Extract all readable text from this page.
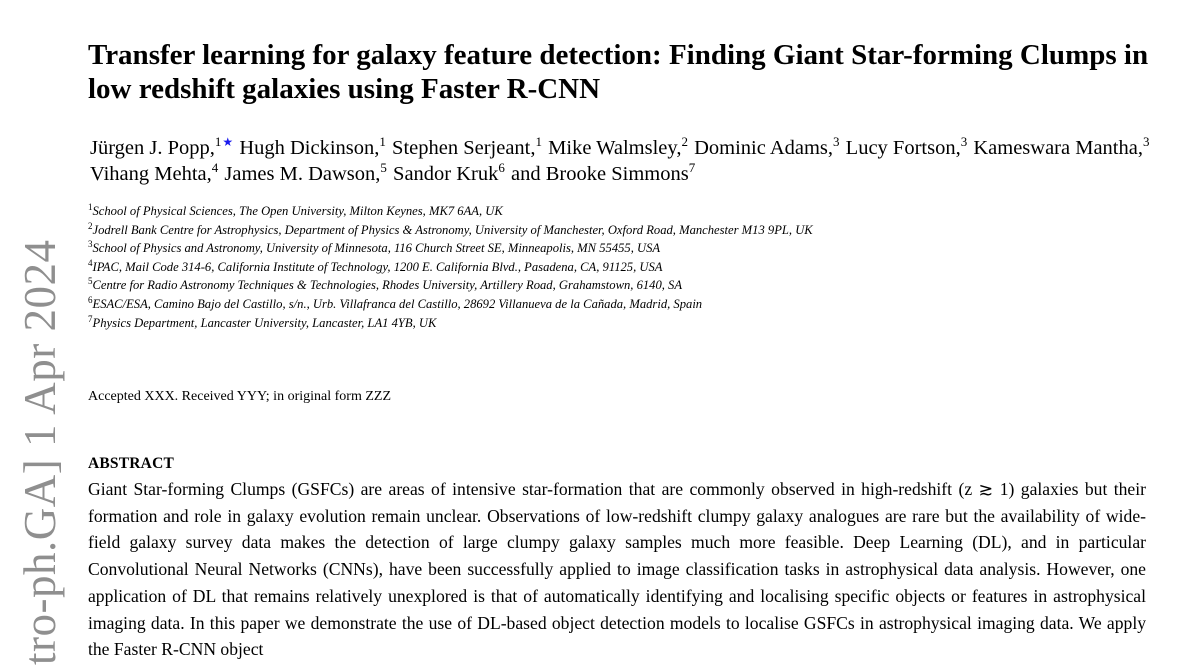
tro-ph.GA] 1 Apr 2024
Transfer learning for galaxy feature detection: Finding Giant Star-forming Clumps in low redshift galaxies using Faster R-CNN
Jürgen J. Popp,$^{1★}$ Hugh Dickinson,$^1$ Stephen Serjeant,$^1$ Mike Walmsley,$^2$ Dominic Adams,$^3$ Lucy Fortson,$^3$ Kameswara Mantha,$^3$Vihang Mehta,$^4$ James M. Dawson,$^5$ Sandor Kruk$^6$ and Brooke Simmons$^7$
$^1$School of Physical Sciences, The Open University, Milton Keynes, MK7 6AA, UK
$^2$Jodrell Bank Centre for Astrophysics, Department of Physics & Astronomy, University of Manchester, Oxford Road, Manchester M13 9PL, UK
$^3$School of Physics and Astronomy, University of Minnesota, 116 Church Street SE, Minneapolis, MN 55455, USA
$^4$IPAC, Mail Code 314-6, California Institute of Technology, 1200 E. California Blvd., Pasadena, CA, 91125, USA
$^5$Centre for Radio Astronomy Techniques & Technologies, Rhodes University, Artillery Road, Grahamstown, 6140, SA
$^6$ESAC/ESA, Camino Bajo del Castillo, s/n., Urb. Villafranca del Castillo, 28692 Villanueva de la Cañada, Madrid, Spain
$^7$Physics Department, Lancaster University, Lancaster, LA1 4YB, UK
Accepted XXX. Received YYY; in original form ZZZ
ABSTRACT

Giant Star-forming Clumps (GSFCs) are areas of intensive star-formation that are commonly observed in high-redshift (z ≳ 1) galaxies but their formation and role in galaxy evolution remain unclear. Observations of low-redshift clumpy galaxy analogues are rare but the availability of wide-field galaxy survey data makes the detection of large clumpy galaxy samples much more feasible. Deep Learning (DL), and in particular Convolutional Neural Networks (CNNs), have been successfully applied to image classification tasks in astrophysical data analysis. However, one application of DL that remains relatively unexplored is that of automatically identifying and localising specific objects or features in astrophysical imaging data. In this paper we demonstrate the use of DL-based object detection models to localise GSFCs in astrophysical imaging data. We apply the Faster R-CNN object
